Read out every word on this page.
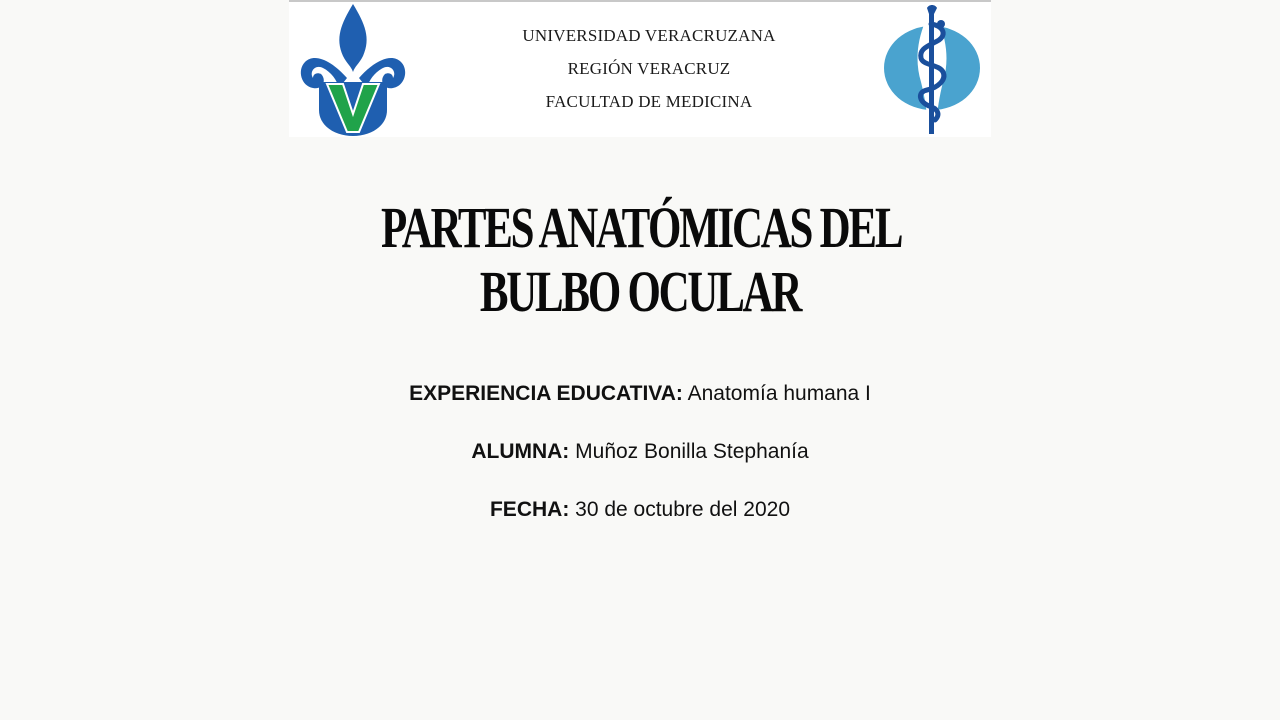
UNIVERSIDAD VERACRUZANA
REGIÓN VERACRUZ
FACULTAD DE MEDICINA
PARTES ANATÓMICAS DEL
BULBO OCULAR
EXPERIENCIA EDUCATIVA: Anatomía humana I
ALUMNA: Muñoz Bonilla Stephanía
FECHA: 30 de octubre del 2020
